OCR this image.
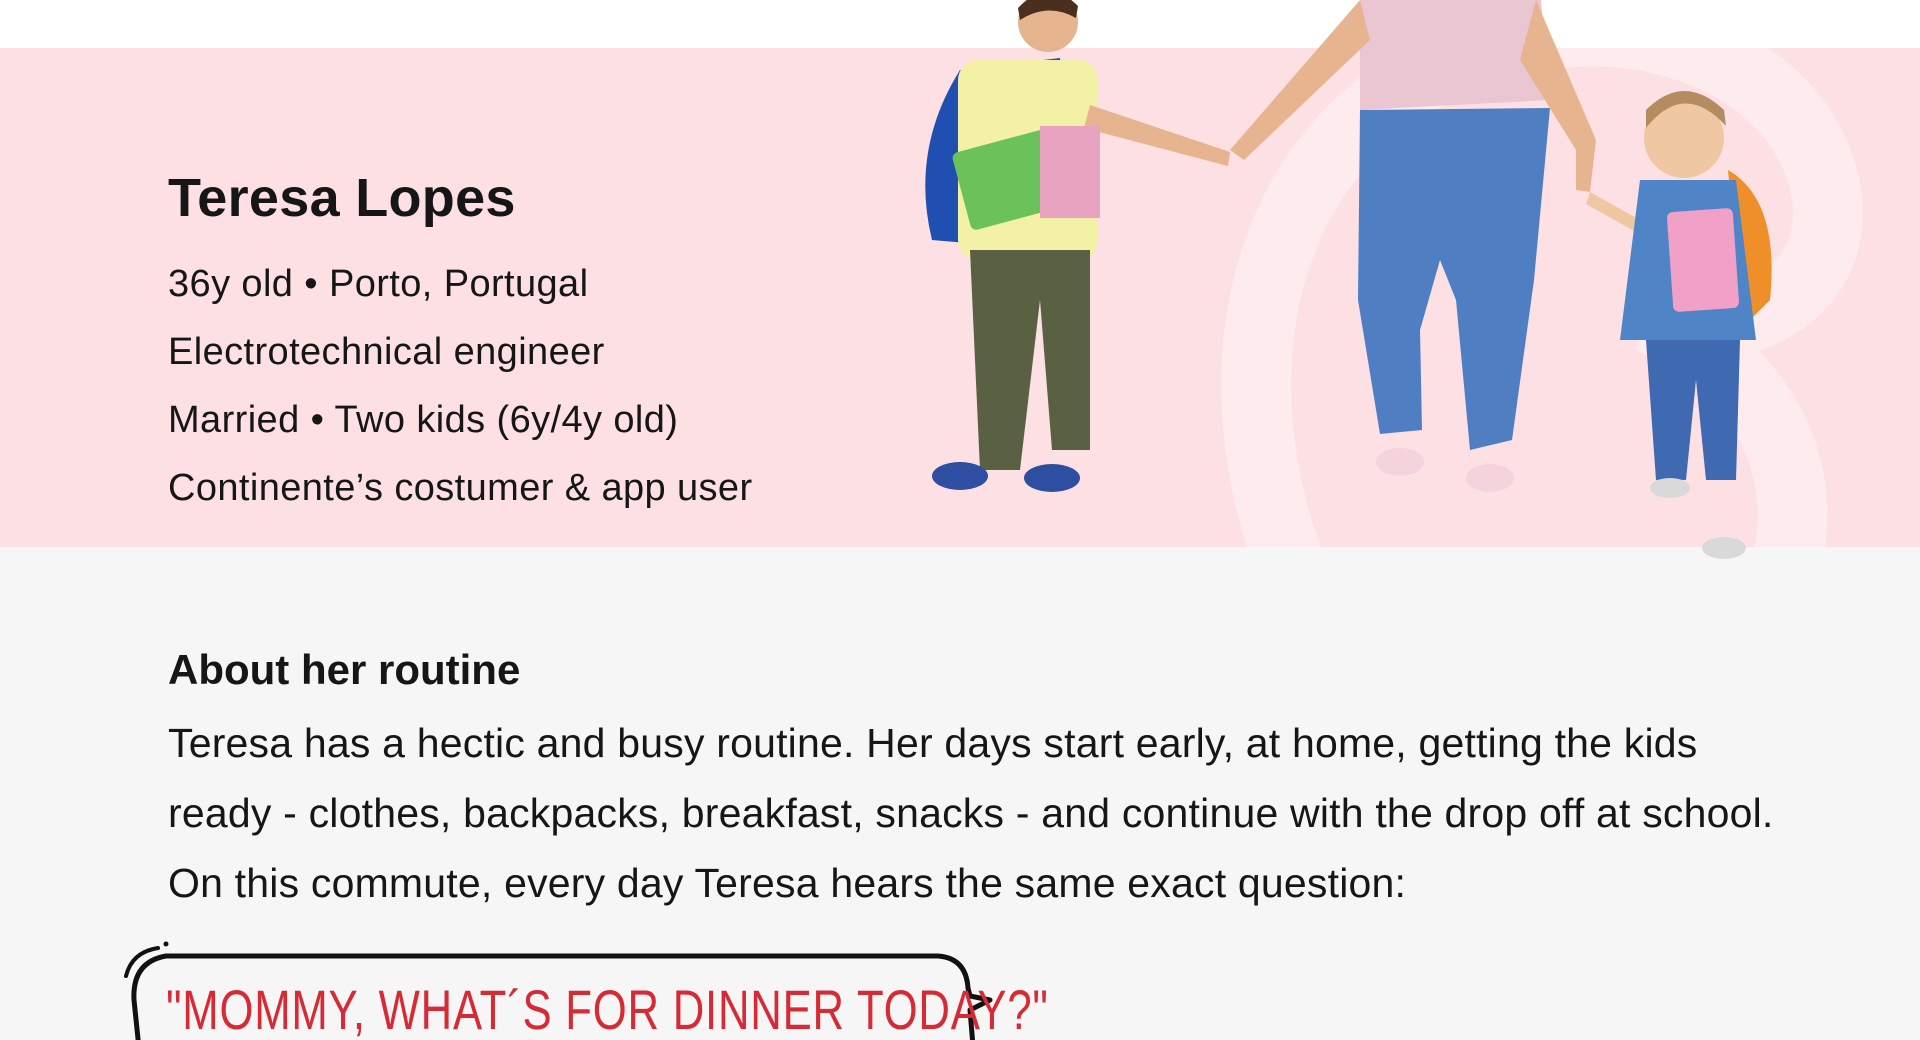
Teresa Lopes

36y old • Porto, Portugal

Electrotechnical engineer

Married • Two kids (6y/4y old)

Continente’s costumer & app user

About her routine

Teresa has a hectic and busy routine. Her days start early, at home, getting the kids ready - clothes, backpacks, breakfast, snacks - and continue with the drop off at school. On this commute, every day Teresa hears the same exact question:

"MOMMY, WHAT´S FOR DINNER TODAY?"
